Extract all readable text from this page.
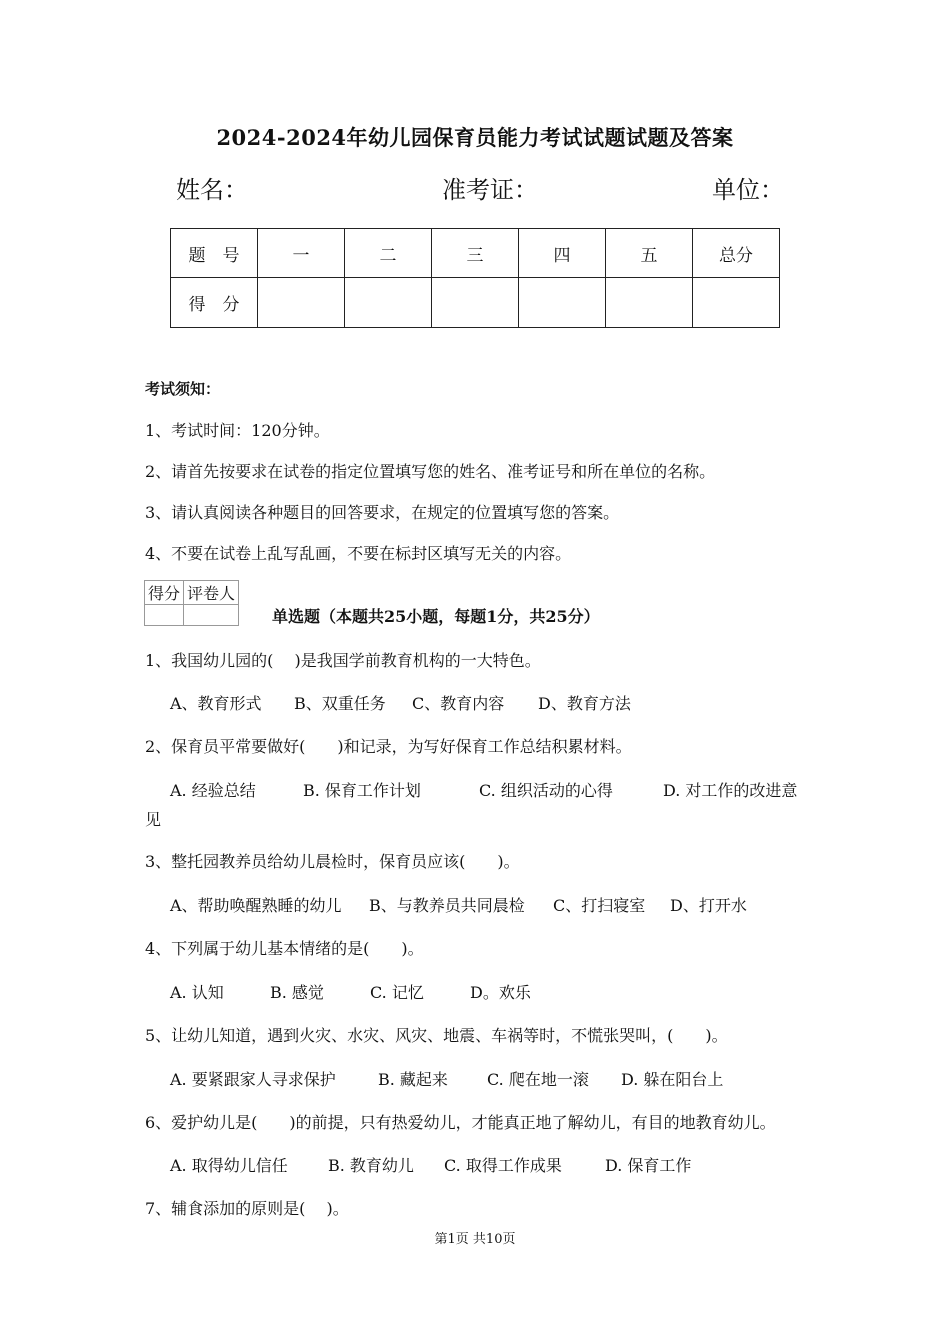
2024-2024年幼儿园保育员能力考试试题试题及答案
姓名：	准考证：	单位：
题　号	一	二	三	四	五	总分
得　分						
考试须知：
1、考试时间：120分钟。
2、请首先按要求在试卷的指定位置填写您的姓名、准考证号和所在单位的名称。
3、请认真阅读各种题目的回答要求，在规定的位置填写您的答案。
4、不要在试卷上乱写乱画，不要在标封区填写无关的内容。
得分	评卷人

单选题（本题共25小题，每题1分，共25分）
1、我国幼儿园的(　 )是我国学前教育机构的一大特色。
A、教育形式 B、双重任务 C、教育内容 D、教育方法
2、保育员平常要做好(　　)和记录，为写好保育工作总结积累材料。
A. 经验总结	B. 保育工作计划	C. 组织活动的心得	D. 对工作的改进意
见
3、整托园教养员给幼儿晨检时，保育员应该(　　)。
A、帮助唤醒熟睡的幼儿 B、与教养员共同晨检 C、打扫寝室 D、打开水
4、下列属于幼儿基本情绪的是(　　)。
A. 认知	B. 感觉	C. 记忆	D。欢乐
5、让幼儿知道，遇到火灾、水灾、风灾、地震、车祸等时，不慌张哭叫，(　　)。
A. 要紧跟家人寻求保护	B. 藏起来 C. 爬在地一滚 D. 躲在阳台上
6、爱护幼儿是(　　)的前提，只有热爱幼儿，才能真正地了解幼儿，有目的地教育幼儿。
A. 取得幼儿信任	B. 教育幼儿 C. 取得工作成果	D. 保育工作
7、辅食添加的原则是(　 )。
第1页 共10页
